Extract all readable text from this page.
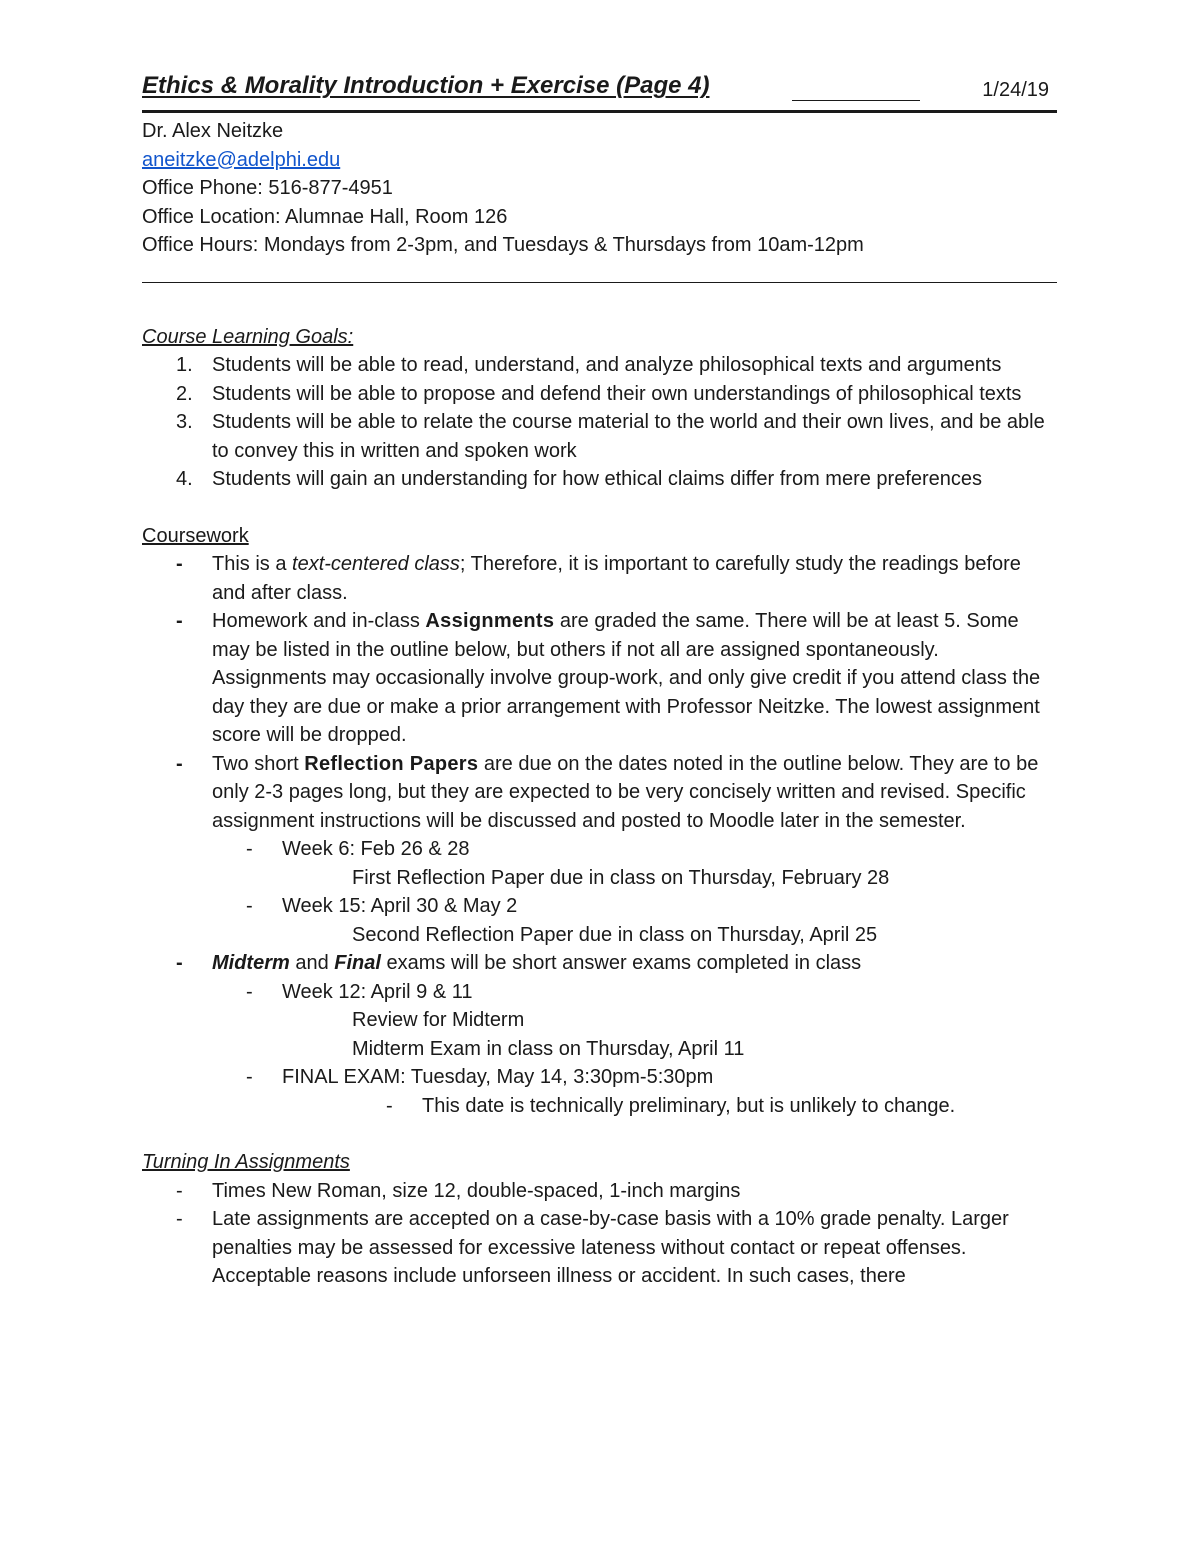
Ethics & Morality Introduction + Exercise (Page 4)	1/24/19
Dr. Alex Neitzke
aneitzke@adelphi.edu
Office Phone: 516-877-4951
Office Location: Alumnae Hall, Room 126
Office Hours: Mondays from 2-3pm, and Tuesdays & Thursdays from 10am-12pm
Course Learning Goals:
1. Students will be able to read, understand, and analyze philosophical texts and arguments
2. Students will be able to propose and defend their own understandings of philosophical texts
3. Students will be able to relate the course material to the world and their own lives, and be able to convey this in written and spoken work
4. Students will gain an understanding for how ethical claims differ from mere preferences
Coursework
- This is a text-centered class; Therefore, it is important to carefully study the readings before and after class.
- Homework and in-class Assignments are graded the same. There will be at least 5. Some may be listed in the outline below, but others if not all are assigned spontaneously. Assignments may occasionally involve group-work, and only give credit if you attend class the day they are due or make a prior arrangement with Professor Neitzke. The lowest assignment score will be dropped.
- Two short Reflection Papers are due on the dates noted in the outline below. They are to be only 2-3 pages long, but they are expected to be very concisely written and revised. Specific assignment instructions will be discussed and posted to Moodle later in the semester.
- Week 6: Feb 26 & 28
First Reflection Paper due in class on Thursday, February 28
- Week 15: April 30 & May 2
Second Reflection Paper due in class on Thursday, April 25
- Midterm and Final exams will be short answer exams completed in class
- Week 12: April 9 & 11
Review for Midterm
Midterm Exam in class on Thursday, April 11
- FINAL EXAM: Tuesday, May 14, 3:30pm-5:30pm
- This date is technically preliminary, but is unlikely to change.
Turning In Assignments
- Times New Roman, size 12, double-spaced, 1-inch margins
- Late assignments are accepted on a case-by-case basis with a 10% grade penalty. Larger penalties may be assessed for excessive lateness without contact or repeat offenses. Acceptable reasons include unforseen illness or accident. In such cases, there
